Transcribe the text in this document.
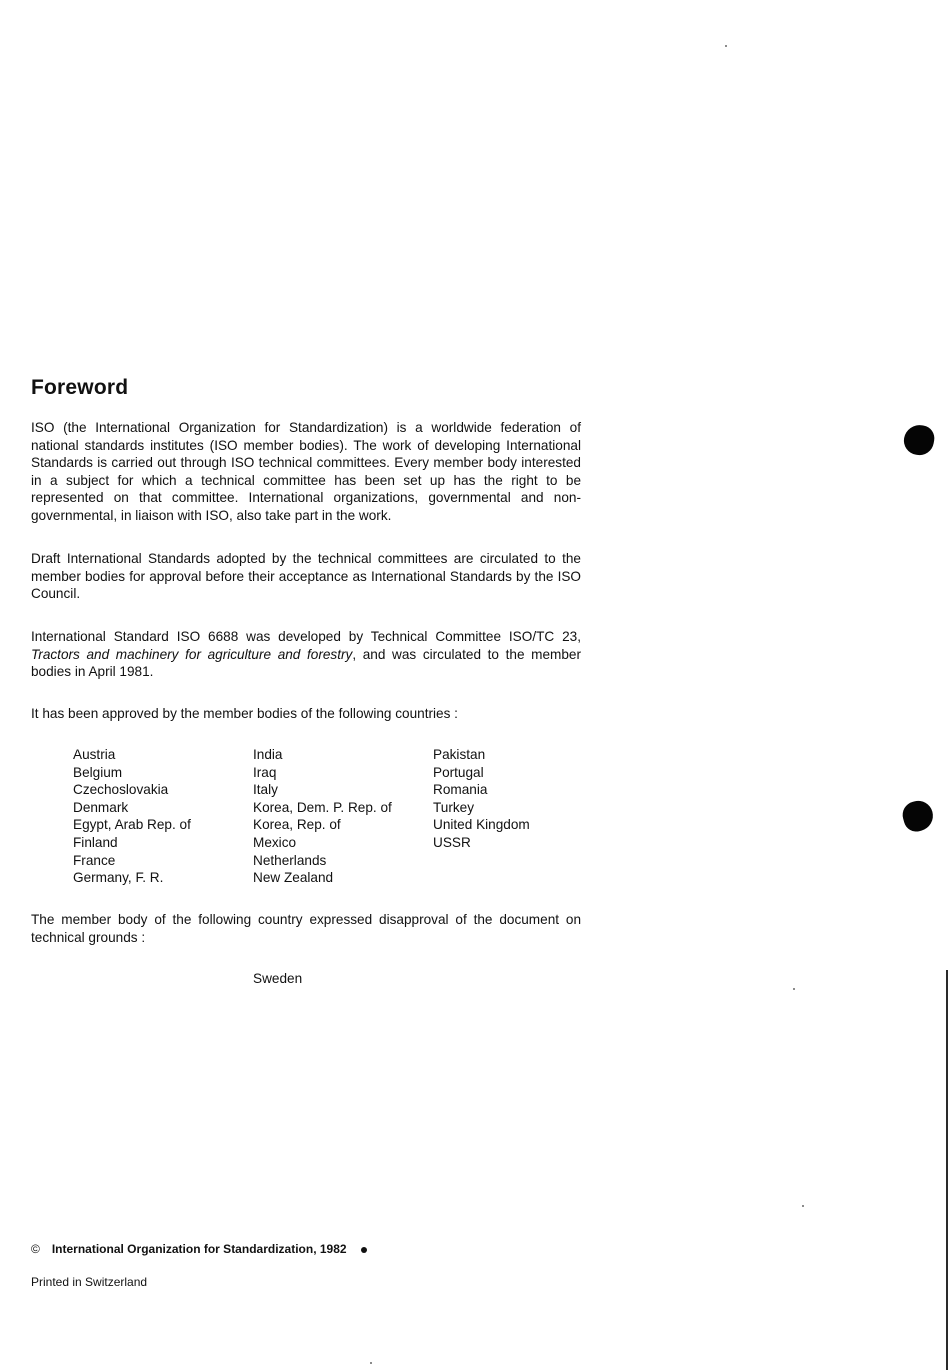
Foreword

ISO (the International Organization for Standardization) is a worldwide federation of national standards institutes (ISO member bodies). The work of developing International Standards is carried out through ISO technical committees. Every member body interested in a subject for which a technical committee has been set up has the right to be represented on that committee. International organizations, governmental and non-governmental, in liaison with ISO, also take part in the work.

Draft International Standards adopted by the technical committees are circulated to the member bodies for approval before their acceptance as International Standards by the ISO Council.

International Standard ISO 6688 was developed by Technical Committee ISO/TC 23, Tractors and machinery for agriculture and forestry, and was circulated to the member bodies in April 1981.

It has been approved by the member bodies of the following countries :

Austria
Belgium
Czechoslovakia
Denmark
Egypt, Arab Rep. of
Finland
France
Germany, F. R.
India
Iraq
Italy
Korea, Dem. P. Rep. of
Korea, Rep. of
Mexico
Netherlands
New Zealand
Pakistan
Portugal
Romania
Turkey
United Kingdom
USSR

The member body of the following country expressed disapproval of the document on technical grounds :

Sweden
© International Organization for Standardization, 1982
Printed in Switzerland
